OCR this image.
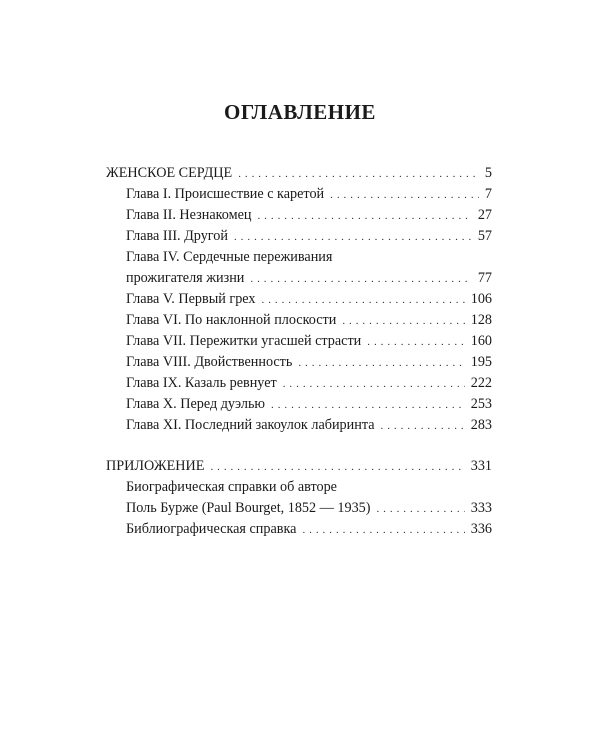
ОГЛАВЛЕНИЕ
ЖЕНСКОЕ СЕРДЦЕ . . .	5
Глава I. Происшествие с каретой . . .	7
Глава II. Незнакомец . . .	27
Глава III. Другой . . .	57
Глава IV. Сердечные переживания
прожигателя жизни . . .	77
Глава V. Первый грех . . .	106
Глава VI. По наклонной плоскости . . .	128
Глава VII. Пережитки угасшей страсти . . .	160
Глава VIII. Двойственность . . .	195
Глава IX. Казаль ревнует . . .	222
Глава X. Перед дуэлью . . .	253
Глава XI. Последний закоулок лабиринта . . .	283
ПРИЛОЖЕНИЕ . . .	331
Биографическая справки об авторе
Поль Бурже (Paul Bourget, 1852 — 1935) . . .	333
Библиографическая справка . . .	336
